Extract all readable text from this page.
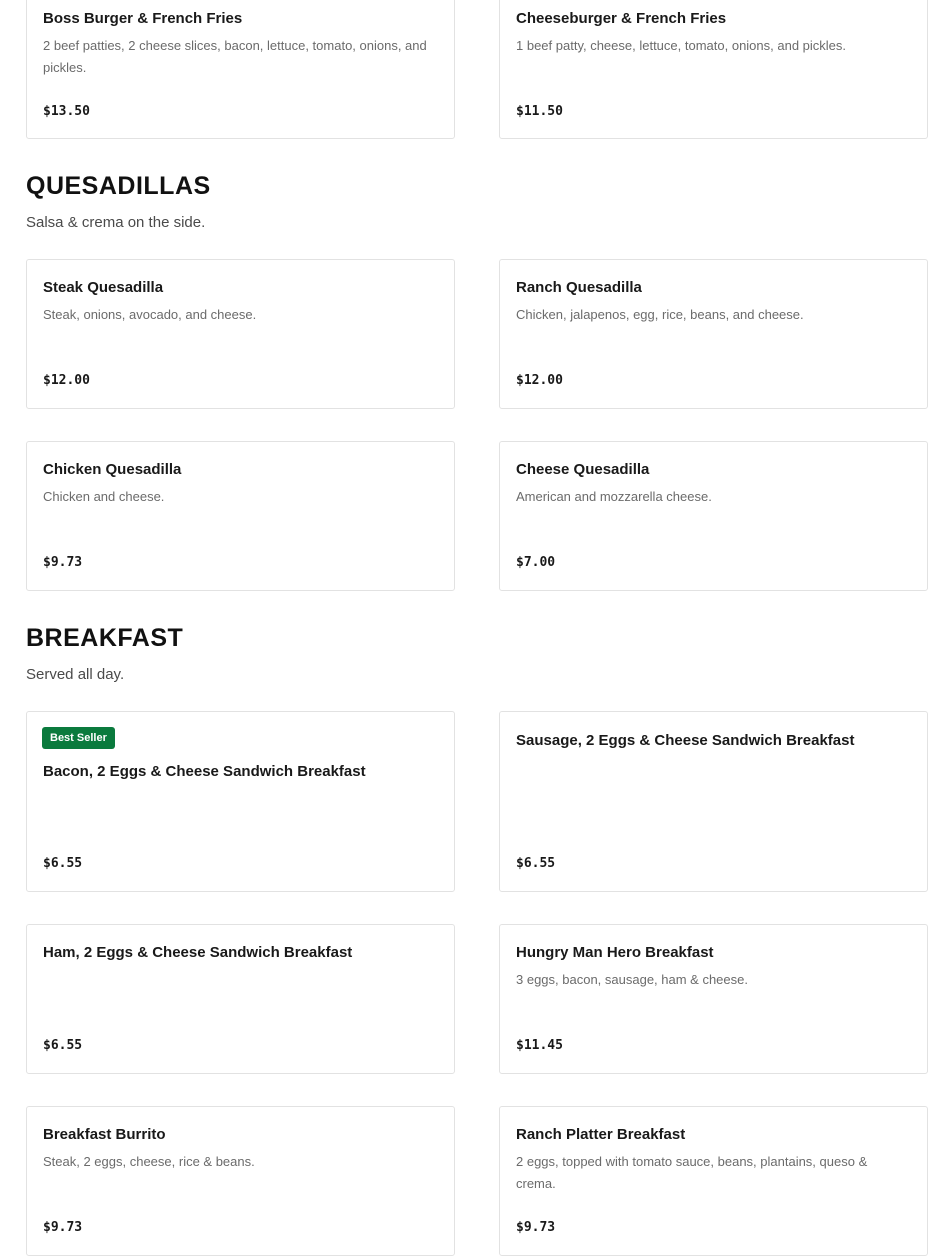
Boss Burger & French Fries
2 beef patties, 2 cheese slices, bacon, lettuce, tomato, onions, and pickles.
$13.50
Cheeseburger & French Fries
1 beef patty, cheese, lettuce, tomato, onions, and pickles.
$11.50
QUESADILLAS
Salsa & crema on the side.
Steak Quesadilla
Steak, onions, avocado, and cheese.
$12.00
Ranch Quesadilla
Chicken, jalapenos, egg, rice, beans, and cheese.
$12.00
Chicken Quesadilla
Chicken and cheese.
$9.73
Cheese Quesadilla
American and mozzarella cheese.
$7.00
BREAKFAST
Served all day.
Best Seller
Bacon, 2 Eggs & Cheese Sandwich Breakfast
$6.55
Sausage, 2 Eggs & Cheese Sandwich Breakfast
$6.55
Ham, 2 Eggs & Cheese Sandwich Breakfast
$6.55
Hungry Man Hero Breakfast
3 eggs, bacon, sausage, ham & cheese.
$11.45
Breakfast Burrito
Steak, 2 eggs, cheese, rice & beans.
$9.73
Ranch Platter Breakfast
2 eggs, topped with tomato sauce, beans, plantains, queso & crema.
$9.73
